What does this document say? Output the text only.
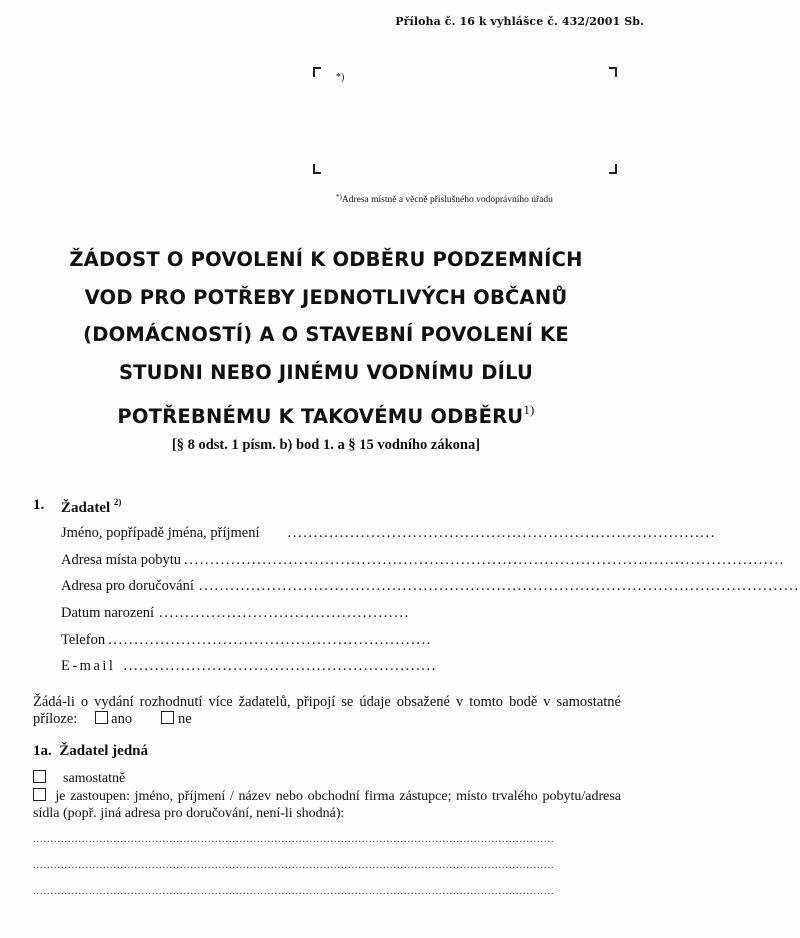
Příloha č. 16 k vyhlášce č. 432/2001 Sb.
*)
*)Adresa místně a věcně příslušného vodoprávního úřadu
ŽÁDOST O POVOLENÍ K ODBĚRU PODZEMNÍCH
VOD PRO POTŘEBY JEDNOTLIVÝCH OBČANŮ
(DOMÁCNOSTÍ) A O STAVEBNÍ POVOLENÍ KE
STUDNI NEBO JINÉMU VODNÍMU DÍLU
POTŘEBNÉMU K TAKOVÉMU ODBĚRU$^{1)}$
[§ 8 odst. 1 písm. b) bod 1. a § 15 vodního zákona]
1. Žadatel $^{2)}$
Jméno, popřípadě jména, příjmení ..................................................................................
Adresa místa pobytu ...................................................................................................................
Adresa pro doručování ...................................................................................................................
Datum narození ................................................
Telefon ..............................................................
E-mail ............................................................
Žádá-li o vydání rozhodnutí více žadatelů, připojí se údaje obsažené v tomto bodě v samostatné příloze: ano	ne
1a. Žadatel jedná
samostatně
je zastoupen: jméno, příjmení / název nebo obchodní firma zástupce; místo trvalého pobytu/adresa sídla (popř. jiná adresa pro doručování, není-li shodná):
.....................................................................................................................................................
.....................................................................................................................................................
.....................................................................................................................................................
